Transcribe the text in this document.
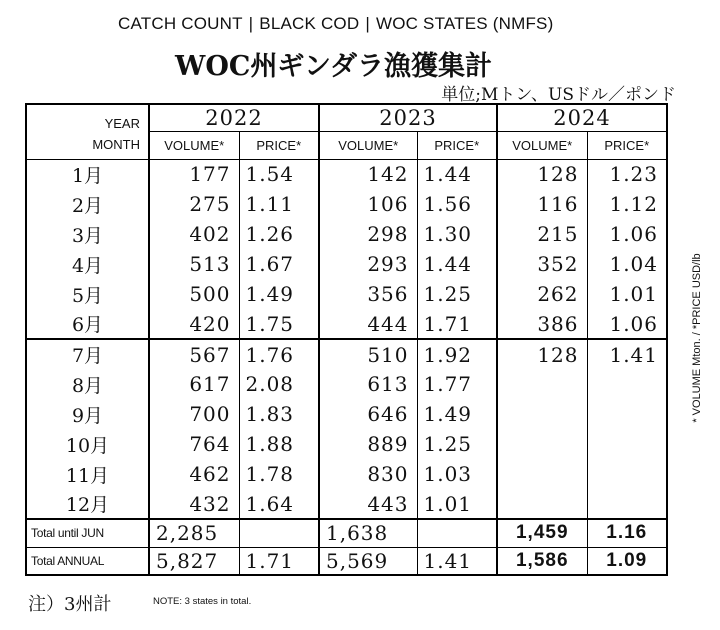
CATCH COUNT | BLACK COD | WOC STATES (NMFS)
WOC州ギンダラ漁獲集計
単位;Mトン、USドル／ポンド
* VOLUME Mton. / *PRICE USD/lb
YEAR	2022		2023		2024	
MONTH	VOLUME*	PRICE*	VOLUME*	PRICE*	VOLUME*	PRICE*
1月	177	1.54	142	1.44	128	1.23
2月	275	1.11	106	1.56	116	1.12
3月	402	1.26	298	1.30	215	1.06
4月	513	1.67	293	1.44	352	1.04
5月	500	1.49	356	1.25	262	1.01
6月	420	1.75	444	1.71	386	1.06
7月	567	1.76	510	1.92	128	1.41
8月	617	2.08	613	1.77		
9月	700	1.83	646	1.49		
10月	764	1.88	889	1.25		
11月	462	1.78	830	1.03		
12月	432	1.64	443	1.01		
Total until JUN	2,285		1,638		1,459	1.16
Total ANNUAL	5,827	1.71	5,569	1.41	1,586	1.09
注）3州計	NOTE: 3 states in total.
